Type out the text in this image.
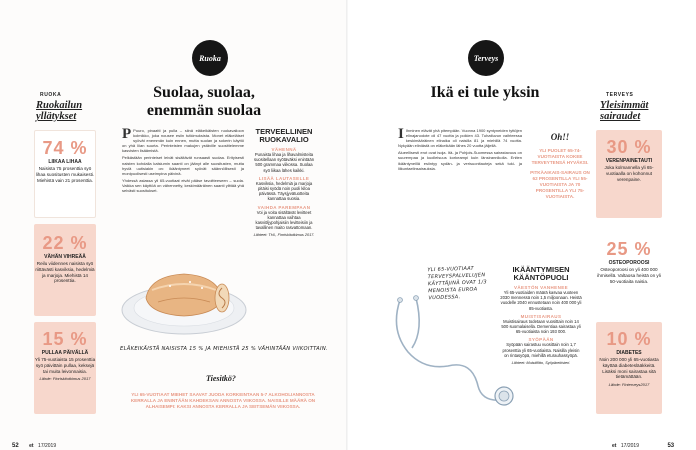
RUOKA
Ruokailun yllätykset
74 %
LIIKAA LIHAA
Naisista 75 prosenttia syö lihaa suositusten mukaisesti. Miehistä vain 21 prosenttia.
22 %
VÄHÄN VIHREÄÄ
Reilu viidennes naisista syö riittävästi kasviksia, hedelmiä ja marjoja. Miehistä 14 prosenttia.
15 %
PULLAA PÄIVÄLLÄ
Yli 75-vuotiaista 15 prosenttia syö päivittäin pullaa, keksejä tai muita leivonnaisia.
Lähde: Finriskitutkimus 2017
Ruoka
Suolaa, suolaa, enemmän suolaa
P Puuro, pinaatti ja pulla – siinä eläkeikäisten ruokavalioon kolmikko, joka nousee esiin tutkimuksista. Monet eläkeläiset syövät enemmän kuin ennen, mutta suolan ja sokerin käyttö on yhä liian suurta. Perinteisten makujen ystäville suosittelemme kasvisten lisäämistä.

Pelkästään perinteiset leivät sisältävät runsaasti suolaa. Erityisesti naisten kohdalla kalsiumin saanti on jäänyt alle suositusten, mutta hyviä uutisiakin on: ikääntyneet syövät säännöllisesti ja monipuolisesti useimpina päivinä.

Yhdessä asiassa yli 65-vuotiaat eivät pääse tavoitteeseen – suola. Vaikka sen käyttöä on vähennetty, keskimääräinen saanti ylittää yhä selvästi suositukset.

TERVEELLINEN RUOKAVALIO
VÄHENNÄ
Punaista lihaa ja lihavalmisteita suositellaan syötäväksi enintään 500 grammaa viikossa. Suolaa syö liikaa lähes kaikki.
LISÄÄ LAUTASELLE
Kasviksia, hedelmiä ja marjoja pitäisi syödä noin puoli kiloa päivässä. Täysjyvätuotteita kannattaa suosia.
VAIHDA PAREMPAAN
Voi ja voita sisältävät levitteet kannattaa vaihtaa kasviöljypohjaisiin levitteisiin ja tavallinen maito rasvattomaan.
Lähteet: THL, Finriskitutkimus 2017.
ELÄKEIKÄISTÄ NAISISTA 15 % JA MIEHISTÄ 25 % VÄHINTÄÄN VIIKOITTAIN.
Tiesitkö?
YLI 65-VUOTIAAT MIEHET SAAVAT JUODA KORKEINTAAN 5-7 ALKOHOLIANNOSTA KERRALLA JA ENINTÄÄN KAHDEKSAN ANNOSTA VIIKOSSA. NAISILLE MÄÄRÄ ON ALHAISEMPI: KAKSI ANNOSTA KERRALLA JA SEITSEMÄN VIIKOSSA.
52 et 17/2019
Terveys
Ikä ei tule yksin
I Ihminen elävät yhä pitempään. Vuonna 1900 syntyneiden tyttöjen elinajanodote oli 47 vuotta ja poikien 43. Tuhatluvun vaihteessa keskimääräinen elinaika oli naisilla 81 ja miehillä 74 vuotta. Nykyään eliniästä on eläkeikään lähes 20 vuotta jäljellä.

Alueellisesti erot ovat isoja. Itä- ja Pohjois-Suomessa sairastavuus on suurempaa ja kuolleisuus korkeampi kuin länsirannikolla. Eniten ikääntyneillä esiintyy sydän- ja verisuonitauteja sekä tuki- ja liikuntaelinsairauksia.

Oh!!
YLI PUOLET 65-74-VUOTIAISTA KOKEE TERVEYTENSÄ HYVÄKSI.
PITKÄAIKAIS-SAIRAUS ON 62 PROSENTILLA YLI 55-VUOTIAISTA JA 70 PROSENTILLA YLI 75-VUOTIAISTA.
YLI 65-VUOTIAAT TERVEYSPALVELUJEN KÄYTTÄJINÄ OVAT 1/3 MENOISTA EUROA VUODESSA.
IKÄÄNTYMISEN KÄÄNTÖPUOLI
VÄESTÖN VANHENEE
Yli 65-vuotiaiden määrä kasvaa vuoteen 2030 mennessä noin 1,5 miljoonaan. Heistä vuodelle 2040 ennustetaan noin 400 000 yli 85-vuotiasta.
MUISTISAIRAUS
Muistisairaus todetaan vuosittain noin 14 500 suomalaisella. Dementiaa sairastaa yli 65-vuotiaista noin 193 000.
SYÖPÄÄN
Syöpään sairastuu vuosittain noin 1,7 prosenttia yli 65-vuotiaista. Naisilla yleisin on rintasyöpä, miehillä eturauhassyöpä.
Lähteet: Muistiliitto, Syöpärekisteri.
TERVEYS
Yleisimmät sairaudet
30 %
VERENPAINETAUTI
Joka kolmannella yli 65-vuotiaalla on kohonnut verenpaine.
25 %
OSTEOPOROOSI
Osteoporoosi on yli 400 000 ihmisellä. Valtaosa heistä on yli 50-vuotiaita naisia.
10 %
DIABETES
Noin 200 000 yli 65-vuotiasta käyttää diabeteslääkkeitä. Lisäksi moni sairastaa sitä tietämättään.
Lähde: Finterveys2017
et 17/2019	53
